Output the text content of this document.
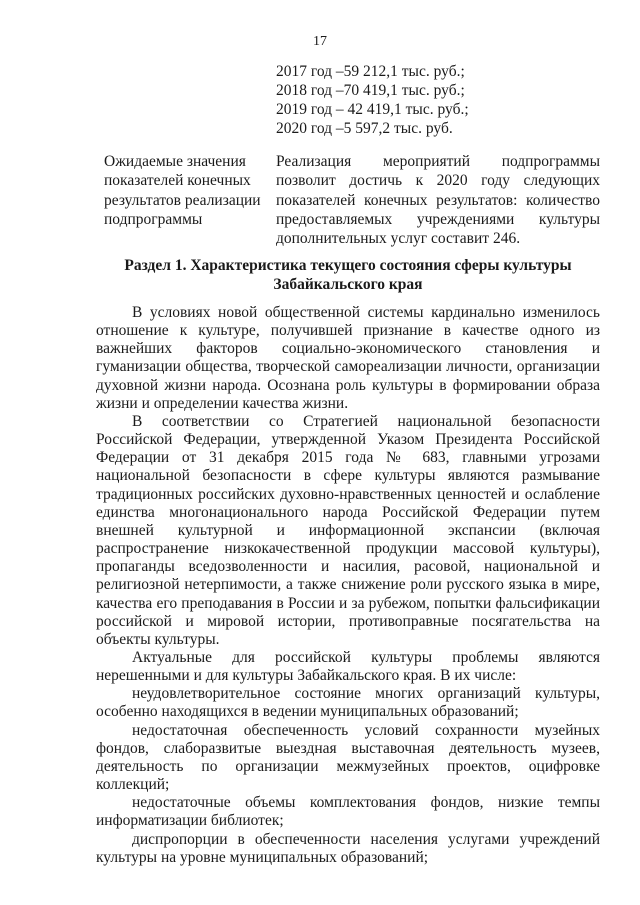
17
2017 год –59 212,1 тыс. руб.;
2018 год –70 419,1 тыс. руб.;
2019 год – 42 419,1 тыс. руб.;
2020 год –5 597,2 тыс. руб.
Ожидаемые значения показателей конечных результатов реализации подпрограммы
Реализация мероприятий подпрограммы позволит достичь к 2020 году следующих показателей конечных результатов: количество предоставляемых учреждениями культуры дополнительных услуг составит 246.
Раздел 1. Характеристика текущего состояния сферы культуры Забайкальского края

В условиях новой общественной системы кардинально изменилось отношение к культуре, получившей признание в качестве одного из важнейших факторов социально-экономического становления и гуманизации общества, творческой самореализации личности, организации духовной жизни народа. Осознана роль культуры в формировании образа жизни и определении качества жизни.

В соответствии со Стратегией национальной безопасности Российской Федерации, утвержденной Указом Президента Российской Федерации от 31 декабря 2015 года № 683, главными угрозами национальной безопасности в сфере культуры являются размывание традиционных российских духовно-нравственных ценностей и ослабление единства многонационального народа Российской Федерации путем внешней культурной и информационной экспансии (включая распространение низкокачественной продукции массовой культуры), пропаганды вседозволенности и насилия, расовой, национальной и религиозной нетерпимости, а также снижение роли русского языка в мире, качества его преподавания в России и за рубежом, попытки фальсификации российской и мировой истории, противоправные посягательства на объекты культуры.

Актуальные для российской культуры проблемы являются нерешенными и для культуры Забайкальского края. В их числе:

неудовлетворительное состояние многих организаций культуры, особенно находящихся в ведении муниципальных образований;

недостаточная обеспеченность условий сохранности музейных фондов, слаборазвитые выездная выставочная деятельность музеев, деятельность по организации межмузейных проектов, оцифровке коллекций;

недостаточные объемы комплектования фондов, низкие темпы информатизации библиотек;

диспропорции в обеспеченности населения услугами учреждений культуры на уровне муниципальных образований;
